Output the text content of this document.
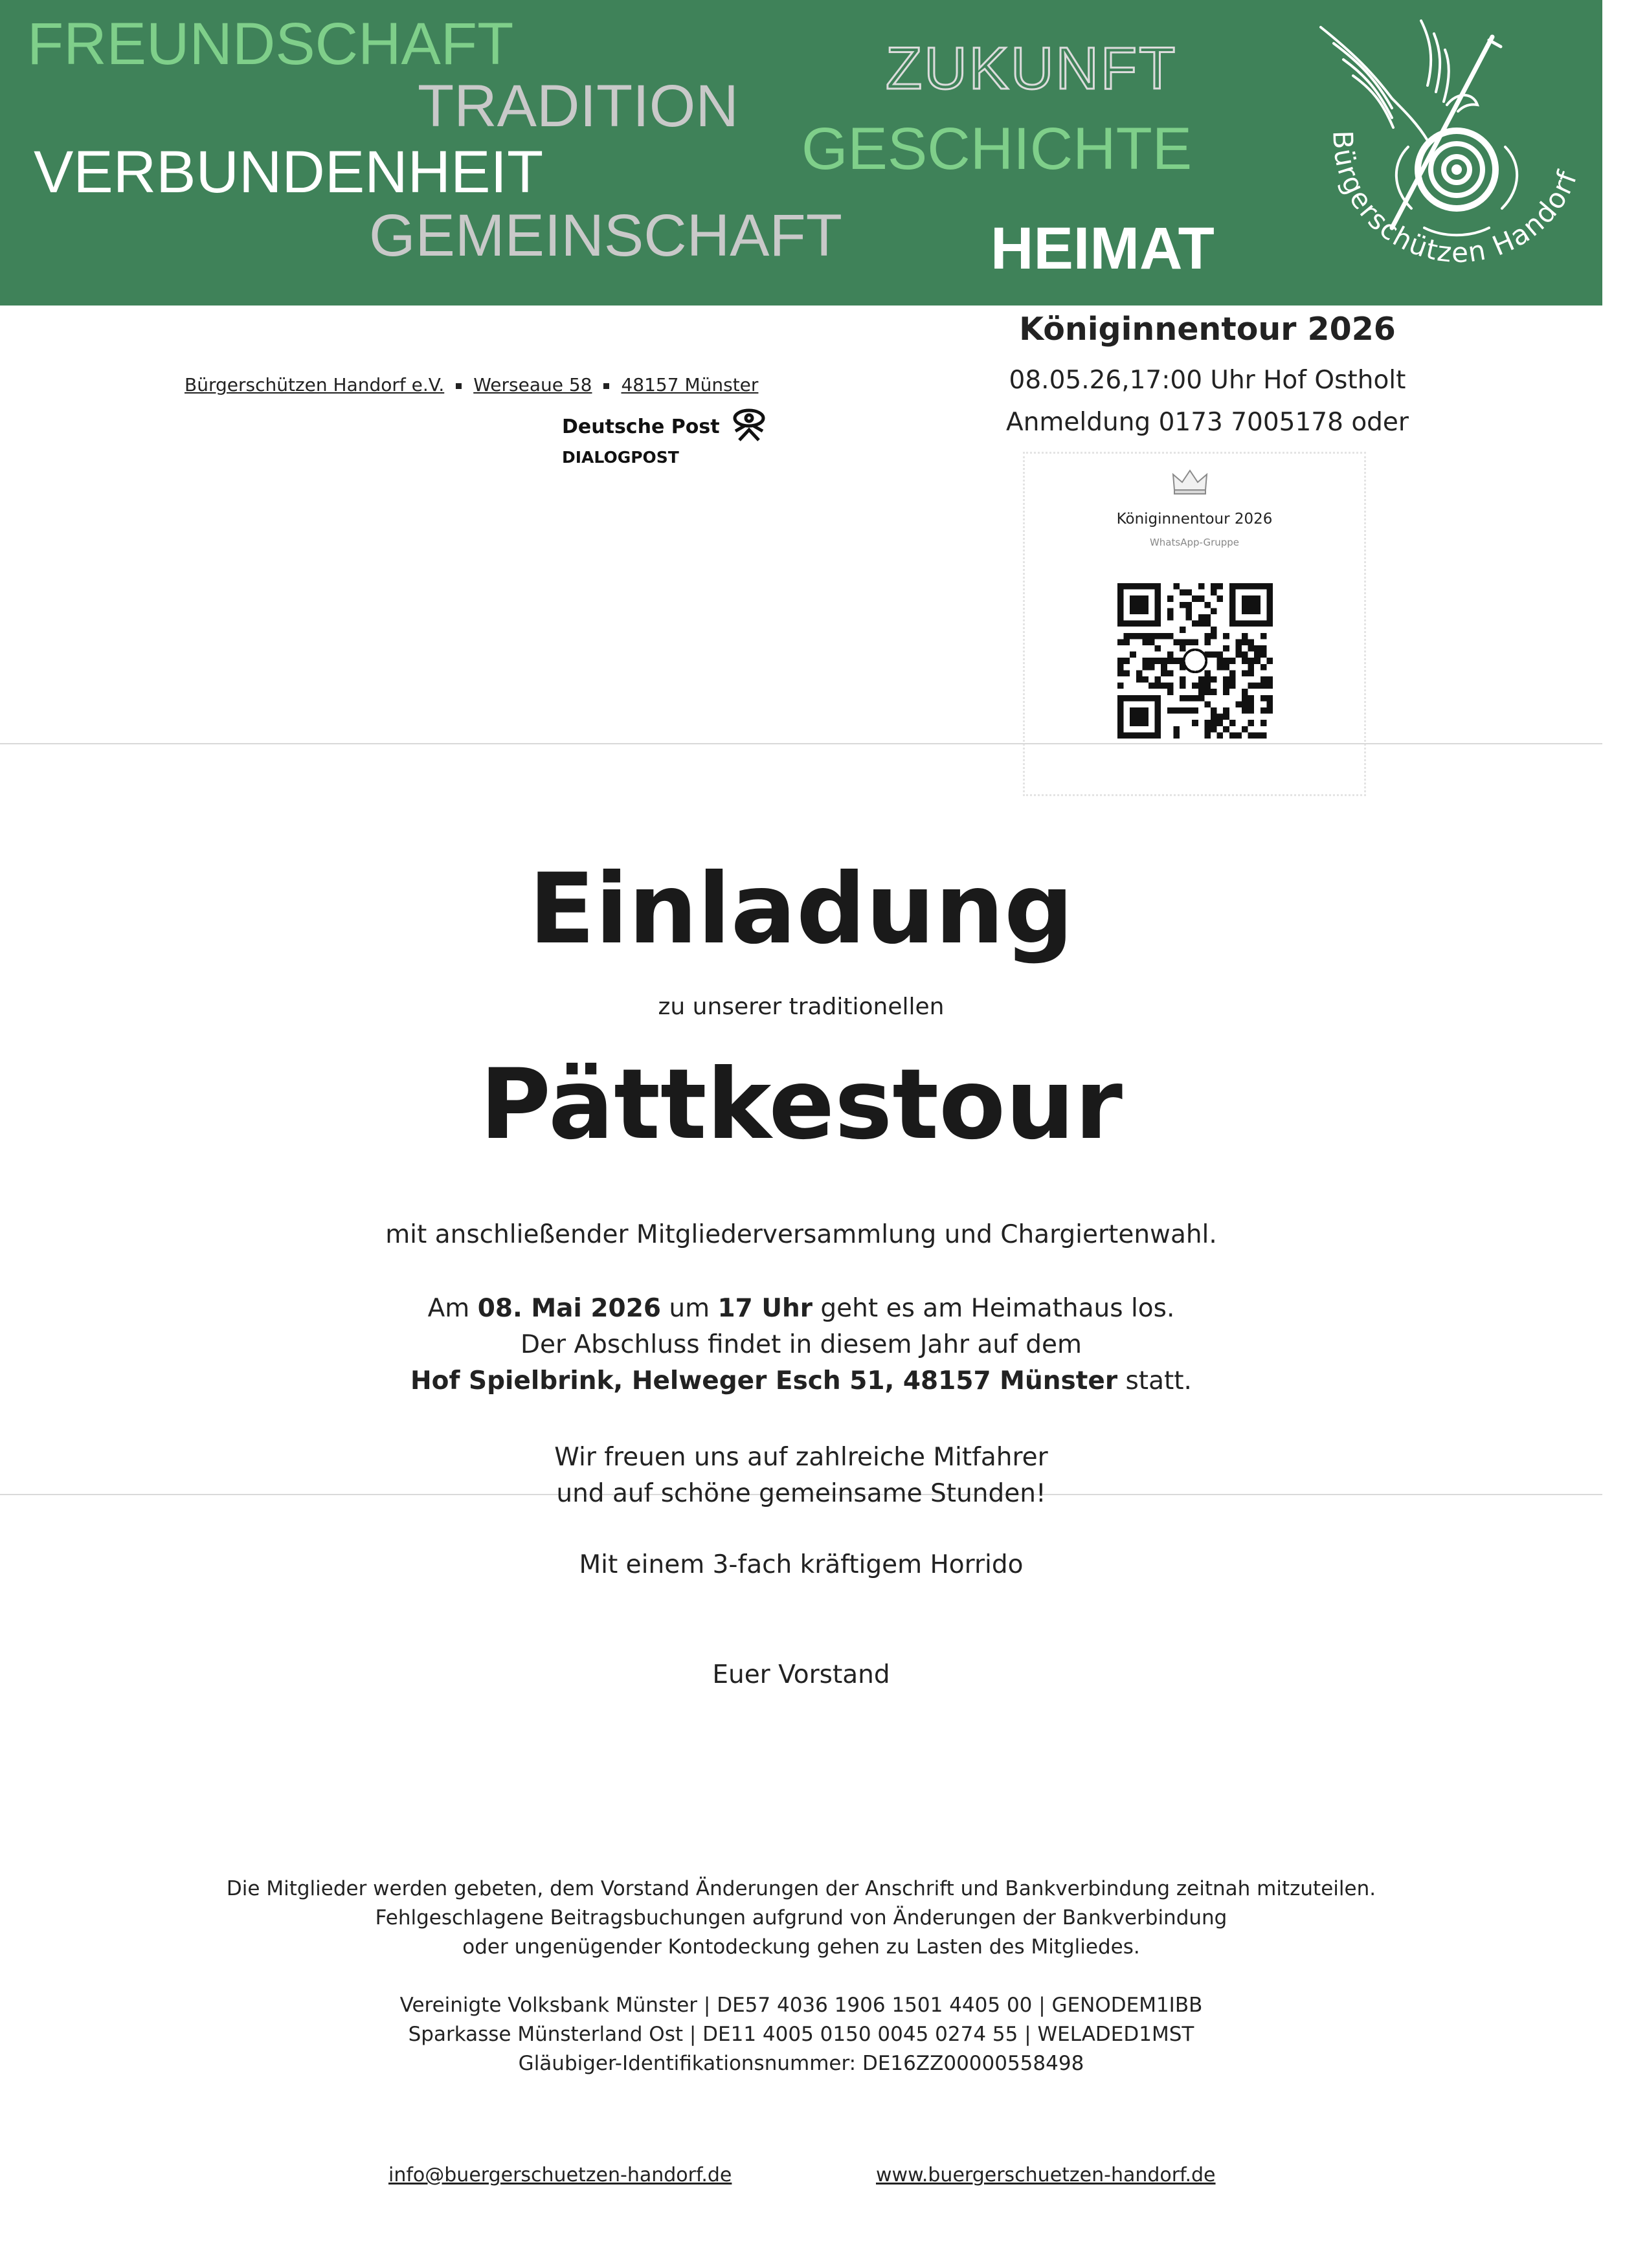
FREUNDSCHAFT
TRADITION
VERBUNDENHEIT
GEMEINSCHAFT
ZUKUNFT
GESCHICHTE
HEIMAT
Bürgerschützen Handorf
Königinnentour 2026
08.05.26,17:00 Uhr Hof Ostholt
Anmeldung 0173 7005178 oder
Königinnentour 2026
WhatsApp-Gruppe
Bürgerschützen Handorf e.V. Werseaue 58 48157 Münster
Deutsche Post
DIALOGPOST
Einladung
zu unserer traditionellen
Pättkestour
mit anschließender Mitgliederversammlung und Chargiertenwahl.
Am 08. Mai 2026 um 17 Uhr geht es am Heimathaus los.
Der Abschluss findet in diesem Jahr auf dem
Hof Spielbrink, Helweger Esch 51, 48157 Münster statt.
Wir freuen uns auf zahlreiche Mitfahrer
und auf schöne gemeinsame Stunden!
Mit einem 3-fach kräftigem Horrido
Euer Vorstand
Die Mitglieder werden gebeten, dem Vorstand Änderungen der Anschrift und Bankverbindung zeitnah mitzuteilen.
Fehlgeschlagene Beitragsbuchungen aufgrund von Änderungen der Bankverbindung
oder ungenügender Kontodeckung gehen zu Lasten des Mitgliedes.
Vereinigte Volksbank Münster | DE57 4036 1906 1501 4405 00 | GENODEM1IBB
Sparkasse Münsterland Ost | DE11 4005 0150 0045 0274 55 | WELADED1MST
Gläubiger-Identifikationsnummer: DE16ZZ00000558498
info@buergerschuetzen-handorf.de	www.buergerschuetzen-handorf.de
